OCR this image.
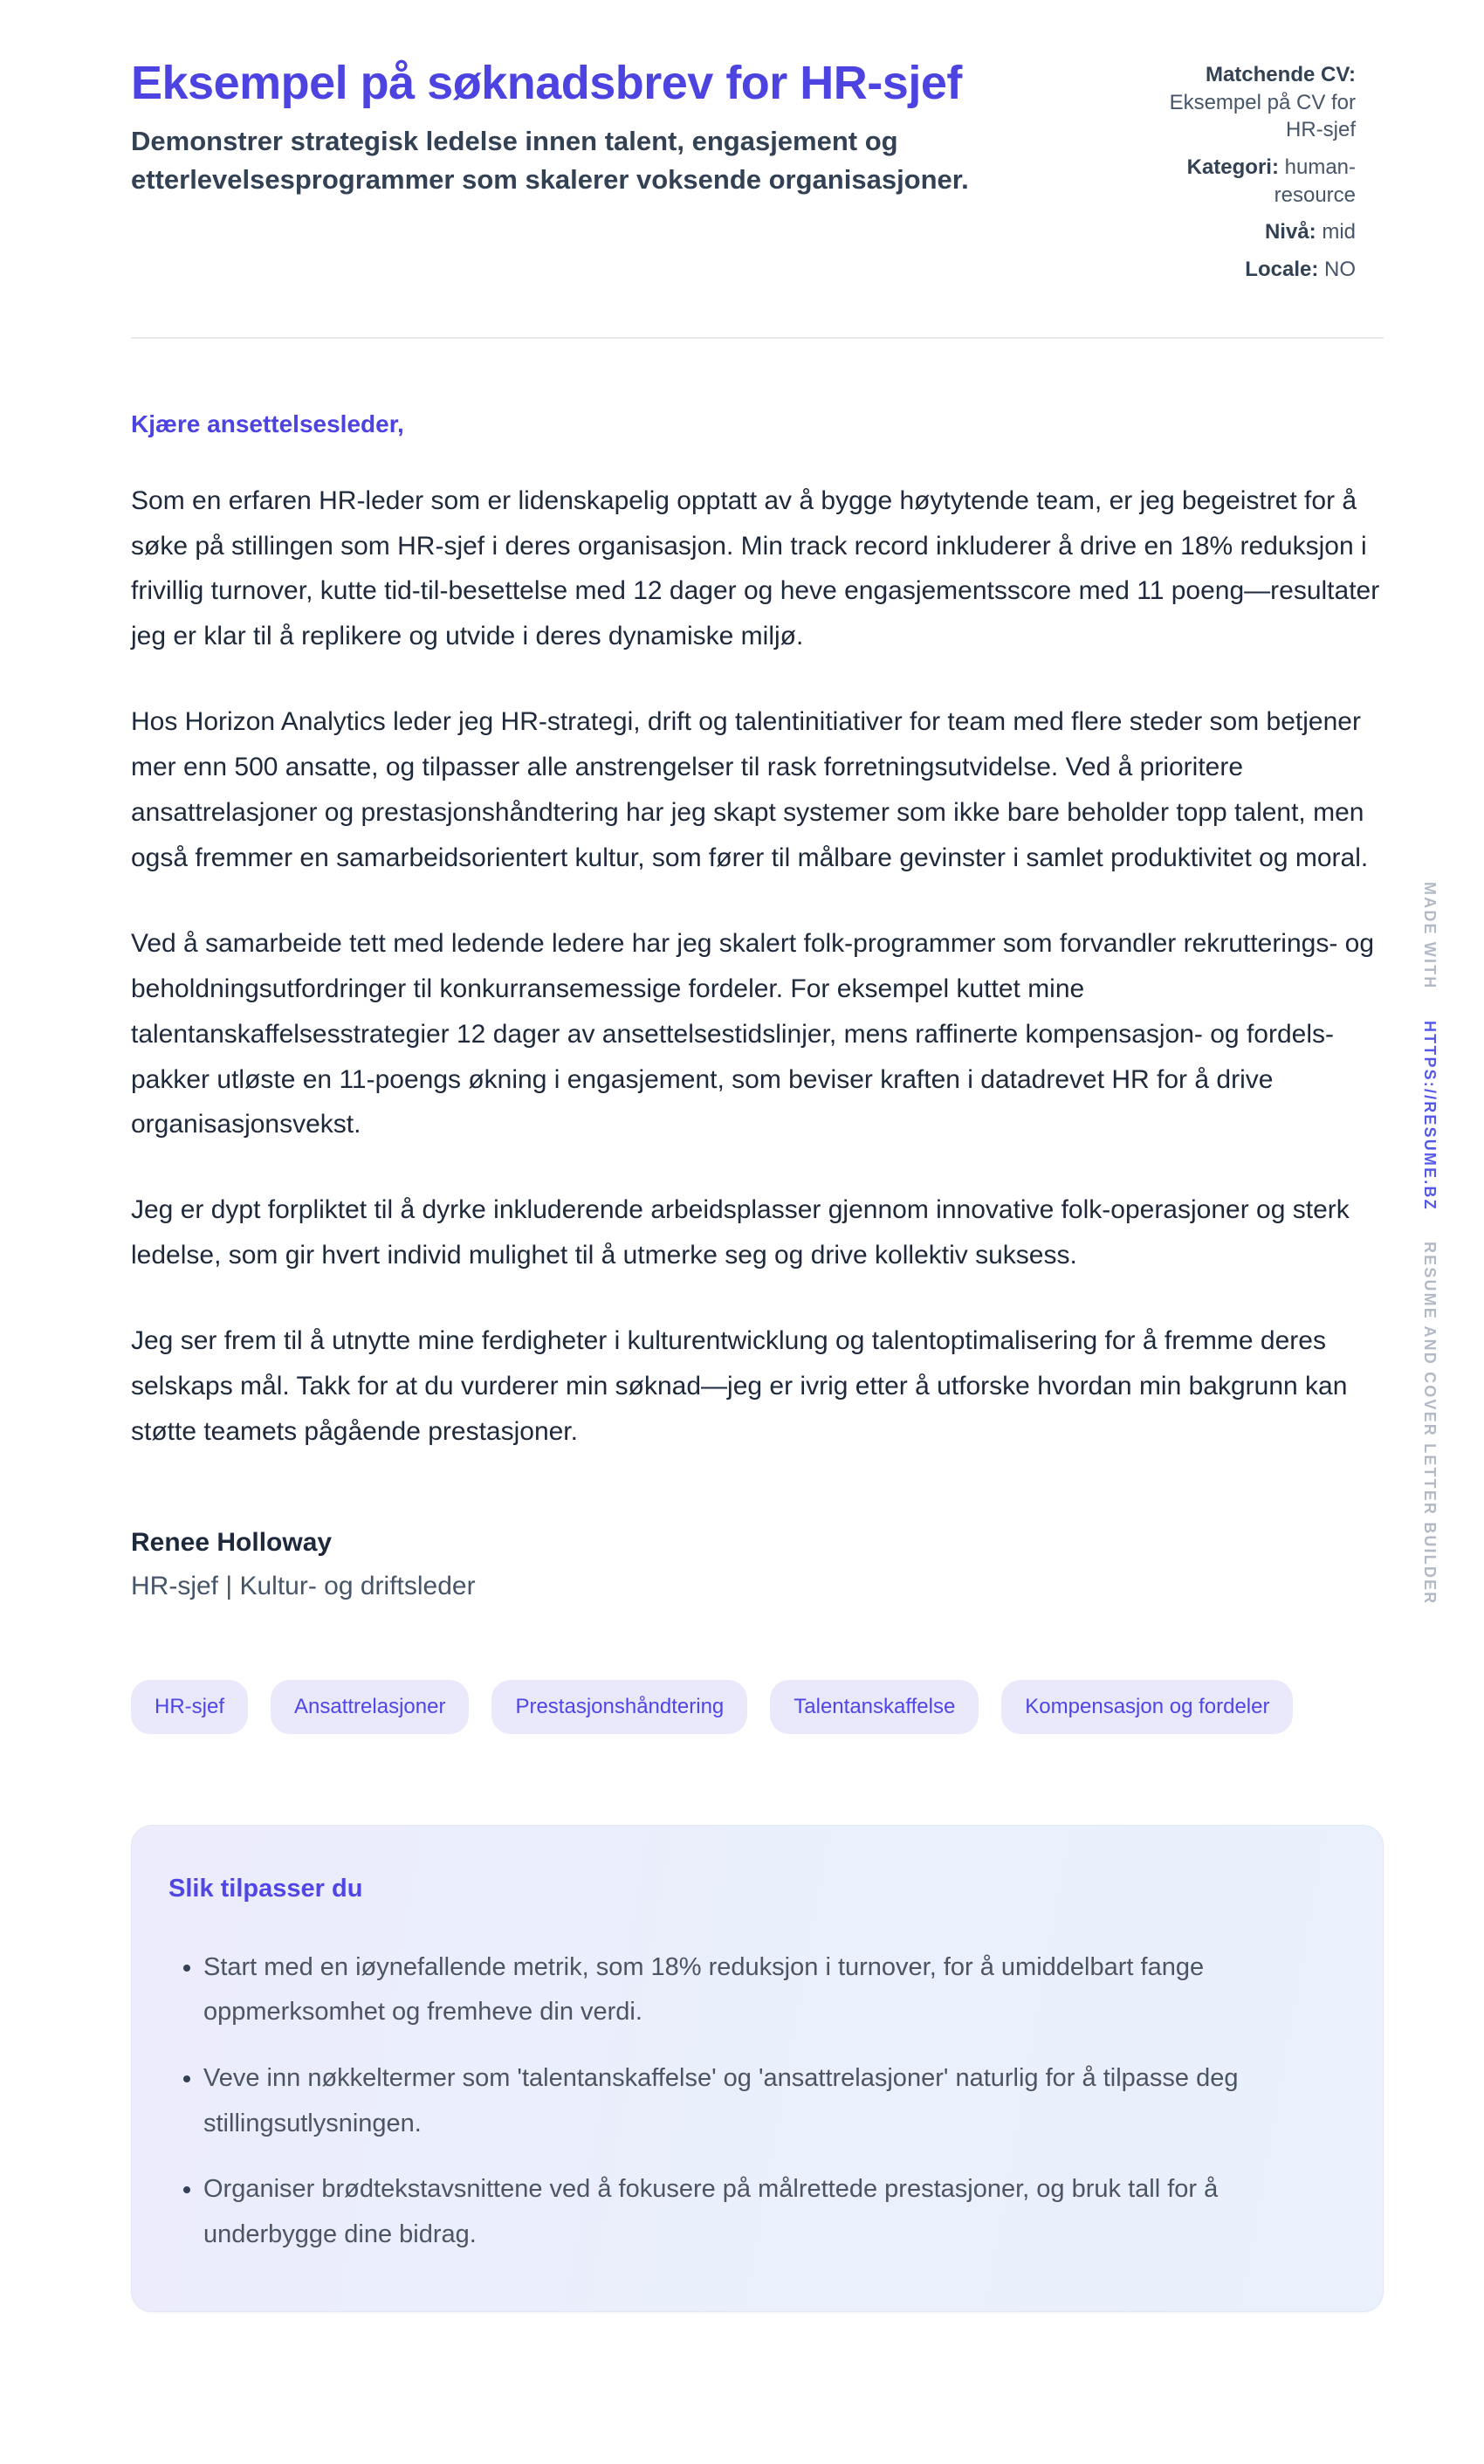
Eksempel på søknadsbrev for HR-sjef

Demonstrer strategisk ledelse innen talent, engasjement og etterlevelsesprogrammer som skalerer voksende organisasjoner.

Matchende CV: Eksempel på CV for HR-sjef
Kategori: human-resource
Nivå: mid
Locale: NO

Kjære ansettelsesleder,

Som en erfaren HR-leder som er lidenskapelig opptatt av å bygge høytytende team, er jeg begeistret for å søke på stillingen som HR-sjef i deres organisasjon. Min track record inkluderer å drive en 18% reduksjon i frivillig turnover, kutte tid-til-besettelse med 12 dager og heve engasjementsscore med 11 poeng—resultater jeg er klar til å replikere og utvide i deres dynamiske miljø.

Hos Horizon Analytics leder jeg HR-strategi, drift og talentinitiativer for team med flere steder som betjener mer enn 500 ansatte, og tilpasser alle anstrengelser til rask forretningsutvidelse. Ved å prioritere ansattrelasjoner og prestasjonshåndtering har jeg skapt systemer som ikke bare beholder topp talent, men også fremmer en samarbeidsorientert kultur, som fører til målbare gevinster i samlet produktivitet og moral.

Ved å samarbeide tett med ledende ledere har jeg skalert folk-programmer som forvandler rekrutterings- og beholdningsutfordringer til konkurransemessige fordeler. For eksempel kuttet mine talentanskaffelsesstrategier 12 dager av ansettelsestidslinjer, mens raffinerte kompensasjon- og fordels-pakker utløste en 11-poengs økning i engasjement, som beviser kraften i datadrevet HR for å drive organisasjonsvekst.

Jeg er dypt forpliktet til å dyrke inkluderende arbeidsplasser gjennom innovative folk-operasjoner og sterk ledelse, som gir hvert individ mulighet til å utmerke seg og drive kollektiv suksess.

Jeg ser frem til å utnytte mine ferdigheter i kulturentwicklung og talentoptimalisering for å fremme deres selskaps mål. Takk for at du vurderer min søknad—jeg er ivrig etter å utforske hvordan min bakgrunn kan støtte teamets pågående prestasjoner.

Renee Holloway

HR-sjef | Kultur- og driftsleder

HR-sjef	Ansattrelasjoner	Prestasjonshåndtering	Talentanskaffelse	Kompensasjon og fordeler
Slik tilpasser du
• Start med en iøynefallende metrik, som 18% reduksjon i turnover, for å umiddelbart fange oppmerksomhet og fremheve din verdi.
• Veve inn nøkkeltermer som 'talentanskaffelse' og 'ansattrelasjoner' naturlig for å tilpasse deg stillingsutlysningen.
• Organiser brødtekstavsnittene ved å fokusere på målrettede prestasjoner, og bruk tall for å underbygge dine bidrag.
MADE WITH HTTPS://RESUME.BZ RESUME AND COVER LETTER BUILDER
